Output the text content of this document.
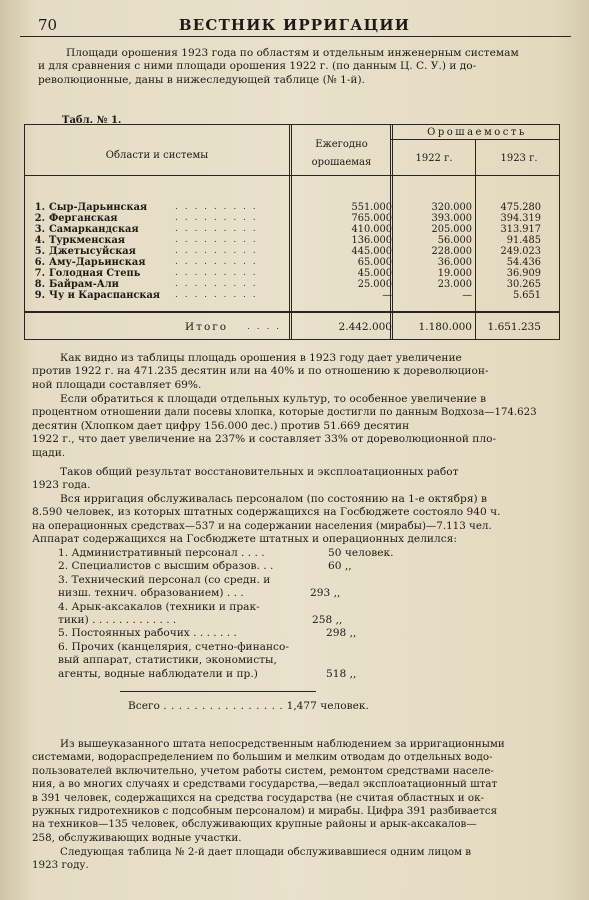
70	ВЕСТНИК ИРРИГАЦИИ
Площади орошения 1923 года по областям и отдельным инженерным системам
и для сравнения с ними площади орошения 1922 г. (по данным Ц. С. У.) и до-
революционные, даны в нижеследующей таблице (№ 1-й).
Табл. № 1.
Области и системы
Ежегодно
орошаемая
Орошаемость
1922 г.	1923 г.
1. Сыр-Дарьинская	. . . . . . . . .	551.000	320.000	475.280
2. Ферганская	. . . . . . . . .	765.000	393.000	394.319
3. Самаркандская	. . . . . . . . .	410.000	205.000	313.917
4. Туркменская	. . . . . . . . .	136.000	56.000	91.485
5. Джетысуйская	. . . . . . . . .	445.000	228.000	249.023
6. Аму-Дарьинская	. . . . . . . . .	65.000	36.000	54.436
7. Голодная Степь	. . . . . . . . .	45.000	19.000	36.909
8. Байрам-Али	. . . . . . . . .	25.000	23.000	30.265
9. Чу и Караспанская . . . . . . . . .	—	—	5.651
Итого . . . .	2.442.000	1.180.000	1.651.235
Как видно из таблицы площадь орошения в 1923 году дает увеличение
против 1922 г. на 471.235 десятин или на 40% и по отношению к дореволюцион-
ной площади составляет 69%.
Если обратиться к площади отдельных культур, то особенное увеличение в
процентном отношении дали посевы хлопка, которые достигли по данным Водхоза—174.623
десятин (Хлопком дает цифру 156.000 дес.) против 51.669 десятин
1922 г., что дает увеличение на 237% и составляет 33% от дореволюционной пло-
щади.
Таков общий результат восстановительных и эксплоатационных работ
1923 года.
Вся ирригация обслуживалась персоналом (по состоянию на 1-е октября) в
8.590 человек, из которых штатных содержащихся на Госбюджете состояло 940 ч.
на операционных средствах—537 и на содержании населения (мирабы)—7.113 чел.
Аппарат содержащихся на Госбюджете штатных и операционных делился:
1. Административный персонал . . . .	50 человек.
2. Специалистов с высшим образов. . .	60 ,,
3. Технический персонал (со средн. и
низш. технич. образованием) . . .	293 ,,
4. Арык-аксакалов (техники и прак-
тики) . . . . . . . . . . . . .	258 ,,
5. Постоянных рабочих . . . . . . .	298 ,,
6. Прочих (канцелярия, счетно-финансо-
вый аппарат, статистики, экономисты,
агенты, водные наблюдатели и пр.)	518 ,,
Всего . . . . . . . . . . . . . . . . 1,477 человек.
Из вышеуказанного штата непосредственным наблюдением за ирригационными
системами, водораспределением по большим и мелким отводам до отдельных водо-
пользователей включительно, учетом работы систем, ремонтом средствами населе-
ния, а во многих случаях и средствами государства,—ведал эксплоатационный штат
в 391 человек, содержащихся на средства государства (не считая областных и ок-
ружных гидротехников с подсобным персоналом) и мирабы. Цифра 391 разбивается
на техников—135 человек, обслуживающих крупные районы и арык-аксакалов—
258, обслуживающих водные участки.
Следующая таблица № 2-й дает площади обслуживавшиеся одним лицом в
1923 году.
